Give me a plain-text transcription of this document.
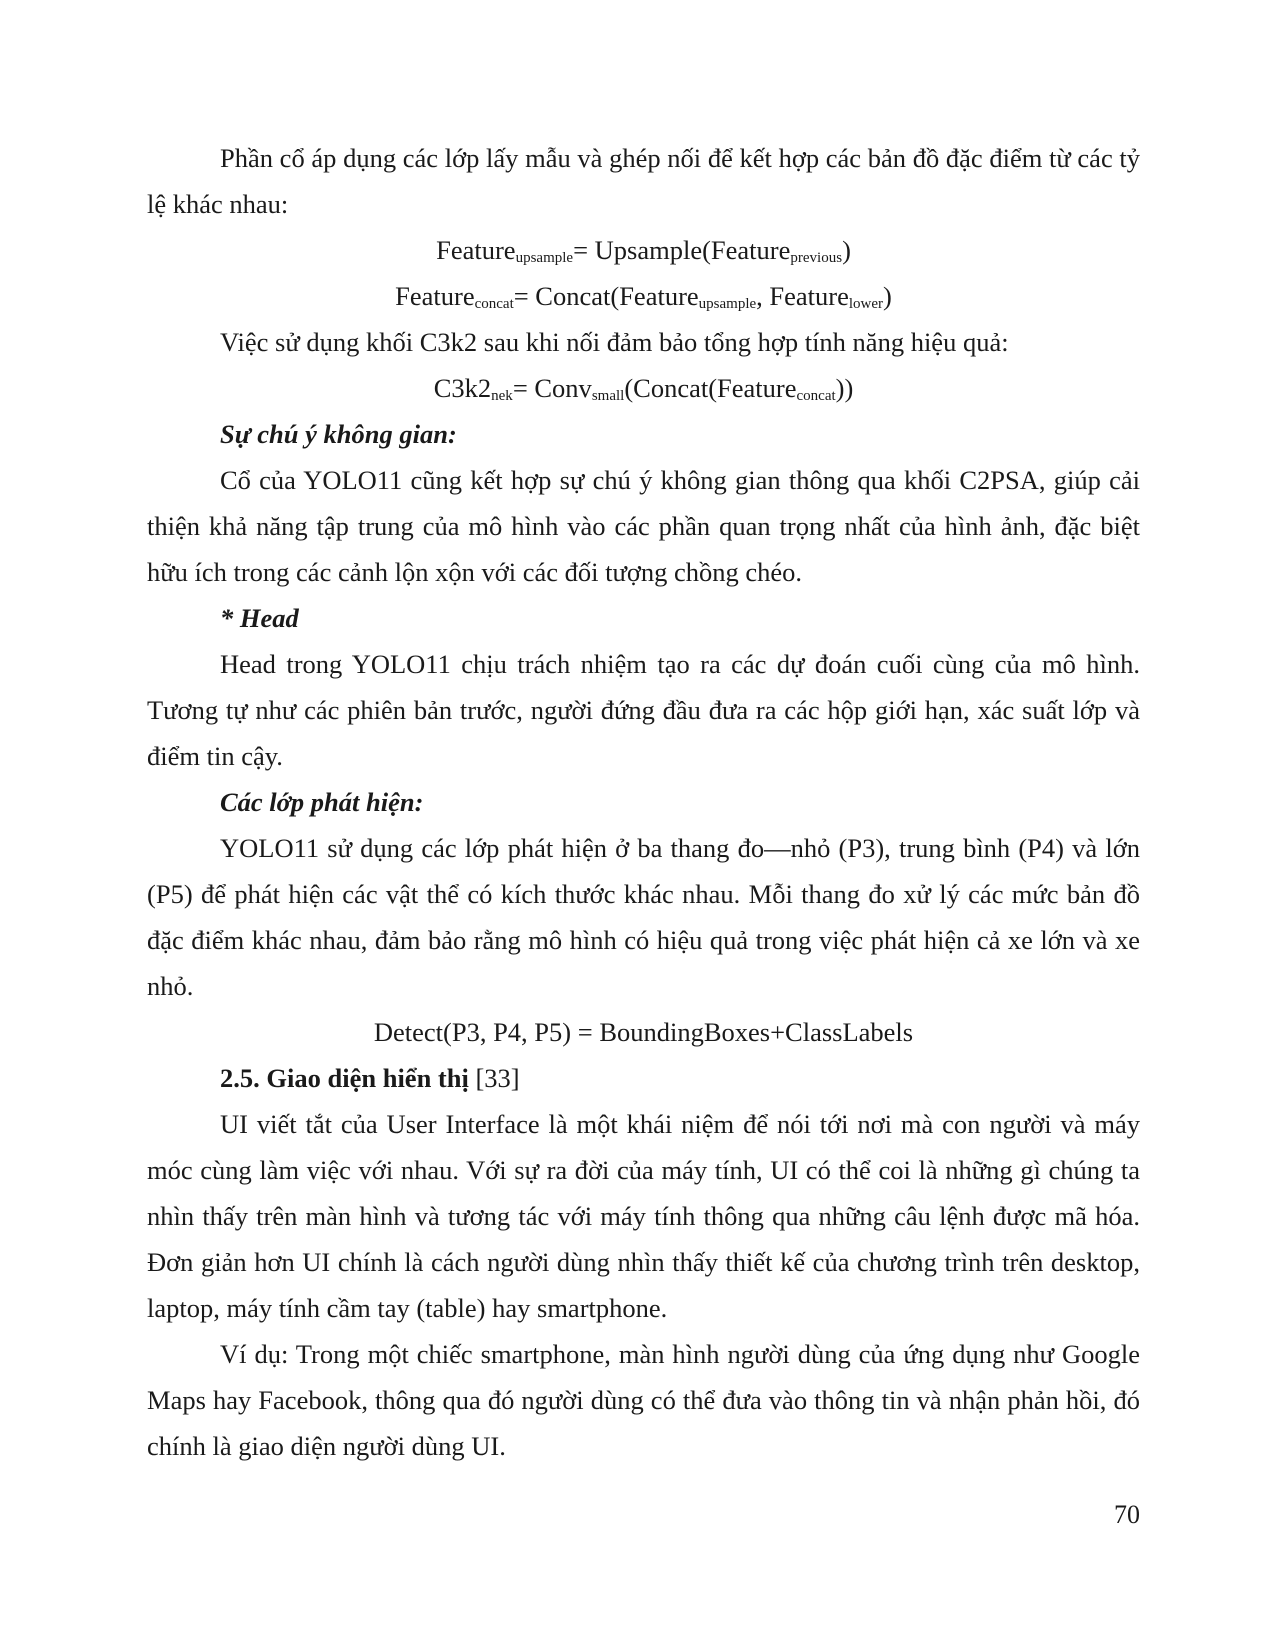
Phần cổ áp dụng các lớp lấy mẫu và ghép nối để kết hợp các bản đồ đặc điểm từ các tỷ lệ khác nhau:

Feature$_{upsample}$= Upsample(Feature$_{previous}$)
Feature$_{concat}$= Concat(Feature$_{upsample}$, Feature$_{lower}$)

Việc sử dụng khối C3k2 sau khi nối đảm bảo tổng hợp tính năng hiệu quả:

$C3k2_{nek}=$ Conv$_{small}$(Concat(Feature$_{concat}$))
Sự chú ý không gian:

Cổ của YOLO11 cũng kết hợp sự chú ý không gian thông qua khối C2PSA, giúp cải thiện khả năng tập trung của mô hình vào các phần quan trọng nhất của hình ảnh, đặc biệt hữu ích trong các cảnh lộn xộn với các đối tượng chồng chéo.

* Head

Head trong YOLO11 chịu trách nhiệm tạo ra các dự đoán cuối cùng của mô hình. Tương tự như các phiên bản trước, người đứng đầu đưa ra các hộp giới hạn, xác suất lớp và điểm tin cậy.

Các lớp phát hiện:

YOLO11 sử dụng các lớp phát hiện ở ba thang đo—nhỏ (P3), trung bình (P4) và lớn (P5) để phát hiện các vật thể có kích thước khác nhau. Mỗi thang đo xử lý các mức bản đồ đặc điểm khác nhau, đảm bảo rằng mô hình có hiệu quả trong việc phát hiện cả xe lớn và xe nhỏ.

Detect(P3, P4, P5) = BoundingBoxes+ClassLabels
2.5. Giao diện hiển thị [33]

UI viết tắt của User Interface là một khái niệm để nói tới nơi mà con người và máy móc cùng làm việc với nhau. Với sự ra đời của máy tính, UI có thể coi là những gì chúng ta nhìn thấy trên màn hình và tương tác với máy tính thông qua những câu lệnh được mã hóa. Đơn giản hơn UI chính là cách người dùng nhìn thấy thiết kế của chương trình trên desktop, laptop, máy tính cầm tay (table) hay smartphone.

Ví dụ: Trong một chiếc smartphone, màn hình người dùng của ứng dụng như Google Maps hay Facebook, thông qua đó người dùng có thể đưa vào thông tin và nhận phản hồi, đó chính là giao diện người dùng UI.

70
